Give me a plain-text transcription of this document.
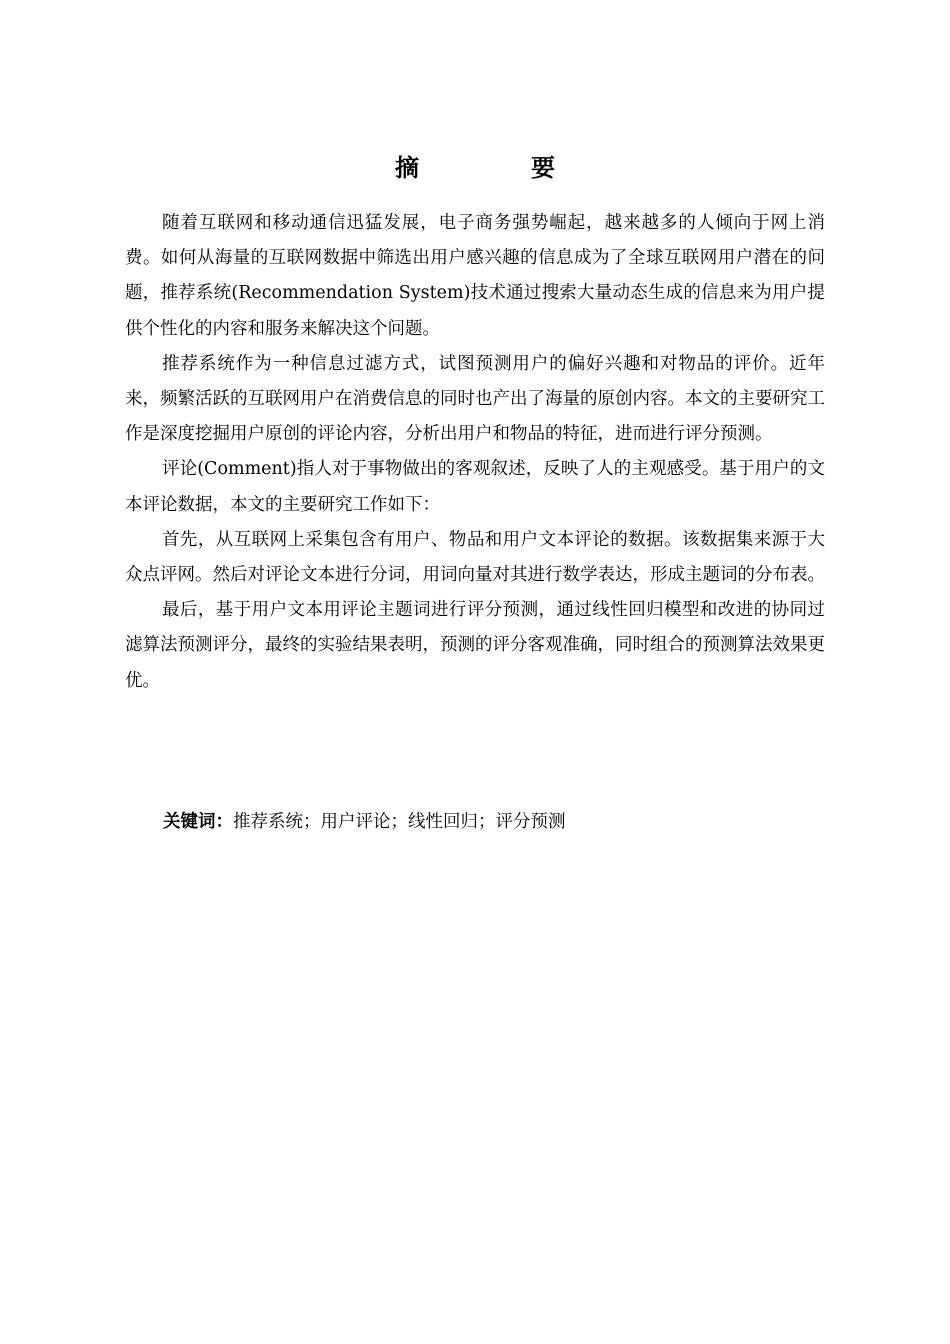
摘　要

随着互联网和移动通信迅猛发展，电子商务强势崛起，越来越多的人倾向于网上消费。如何从海量的互联网数据中筛选出用户感兴趣的信息成为了全球互联网用户潜在的问题，推荐系统(Recommendation System)技术通过搜索大量动态生成的信息来为用户提供个性化的内容和服务来解决这个问题。

推荐系统作为一种信息过滤方式，试图预测用户的偏好兴趣和对物品的评价。近年来，频繁活跃的互联网用户在消费信息的同时也产出了海量的原创内容。本文的主要研究工作是深度挖掘用户原创的评论内容，分析出用户和物品的特征，进而进行评分预测。

评论(Comment)指人对于事物做出的客观叙述，反映了人的主观感受。基于用户的文本评论数据，本文的主要研究工作如下：

首先，从互联网上采集包含有用户、物品和用户文本评论的数据。该数据集来源于大众点评网。然后对评论文本进行分词，用词向量对其进行数学表达，形成主题词的分布表。

最后，基于用户文本用评论主题词进行评分预测，通过线性回归模型和改进的协同过滤算法预测评分，最终的实验结果表明，预测的评分客观准确，同时组合的预测算法效果更优。

关键词：推荐系统；用户评论；线性回归；评分预测
